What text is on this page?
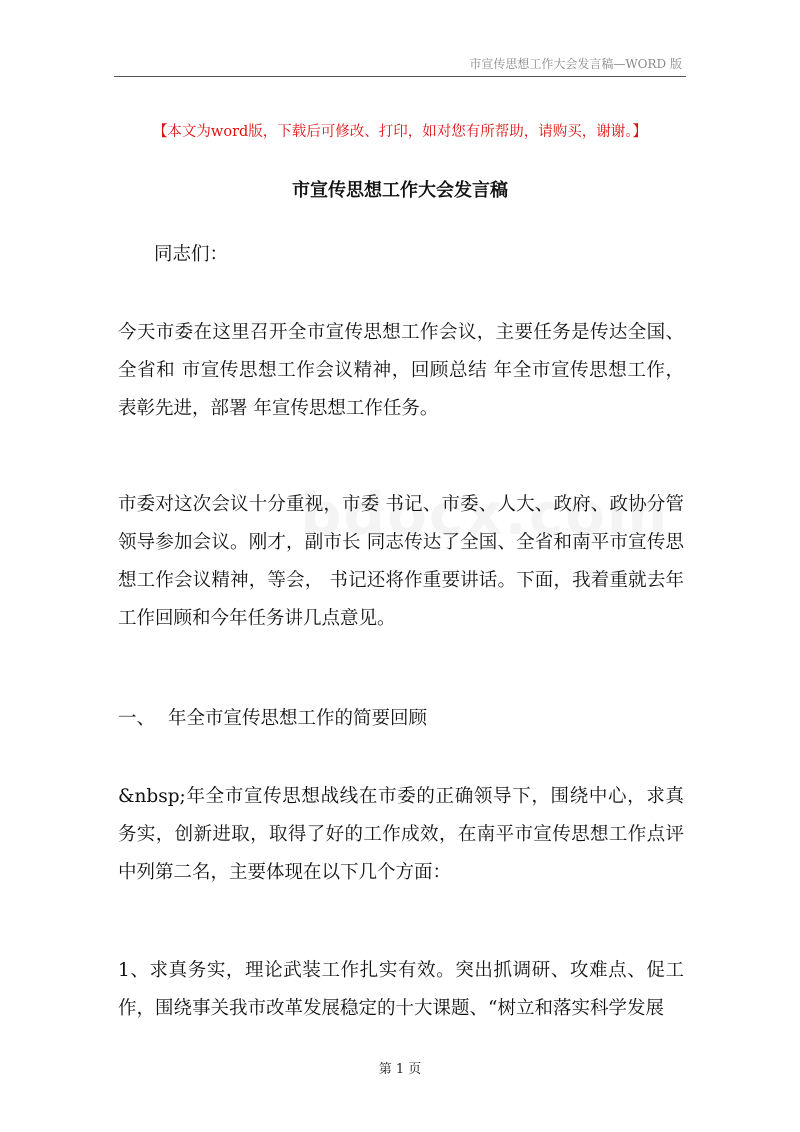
市宣传思想工作大会发言稿—WORD 版
【本文为word版，下载后可修改、打印，如对您有所帮助，请购买，谢谢。】
市宣传思想工作大会发言稿

同志们：

今天市委在这里召开全市宣传思想工作会议，主要任务是传达全国、全省和 市宣传思想工作会议精神，回顾总结 年全市宣传思想工作，表彰先进，部署 年宣传思想工作任务。

市委对这次会议十分重视，市委 书记、市委、人大、政府、政协分管领导参加会议。刚才，副市长 同志传达了全国、全省和南平市宣传思想工作会议精神，等会， 书记还将作重要讲话。下面，我着重就去年工作回顾和今年任务讲几点意见。

一、 年全市宣传思想工作的简要回顾

&nbsp;年全市宣传思想战线在市委的正确领导下，围绕中心，求真务实，创新进取，取得了好的工作成效，在南平市宣传思想工作点评中列第二名，主要体现在以下几个方面：

1、求真务实，理论武装工作扎实有效。突出抓调研、攻难点、促工作，围绕事关我市改革发展稳定的十大课题、“树立和落实科学发展

第 1 页
